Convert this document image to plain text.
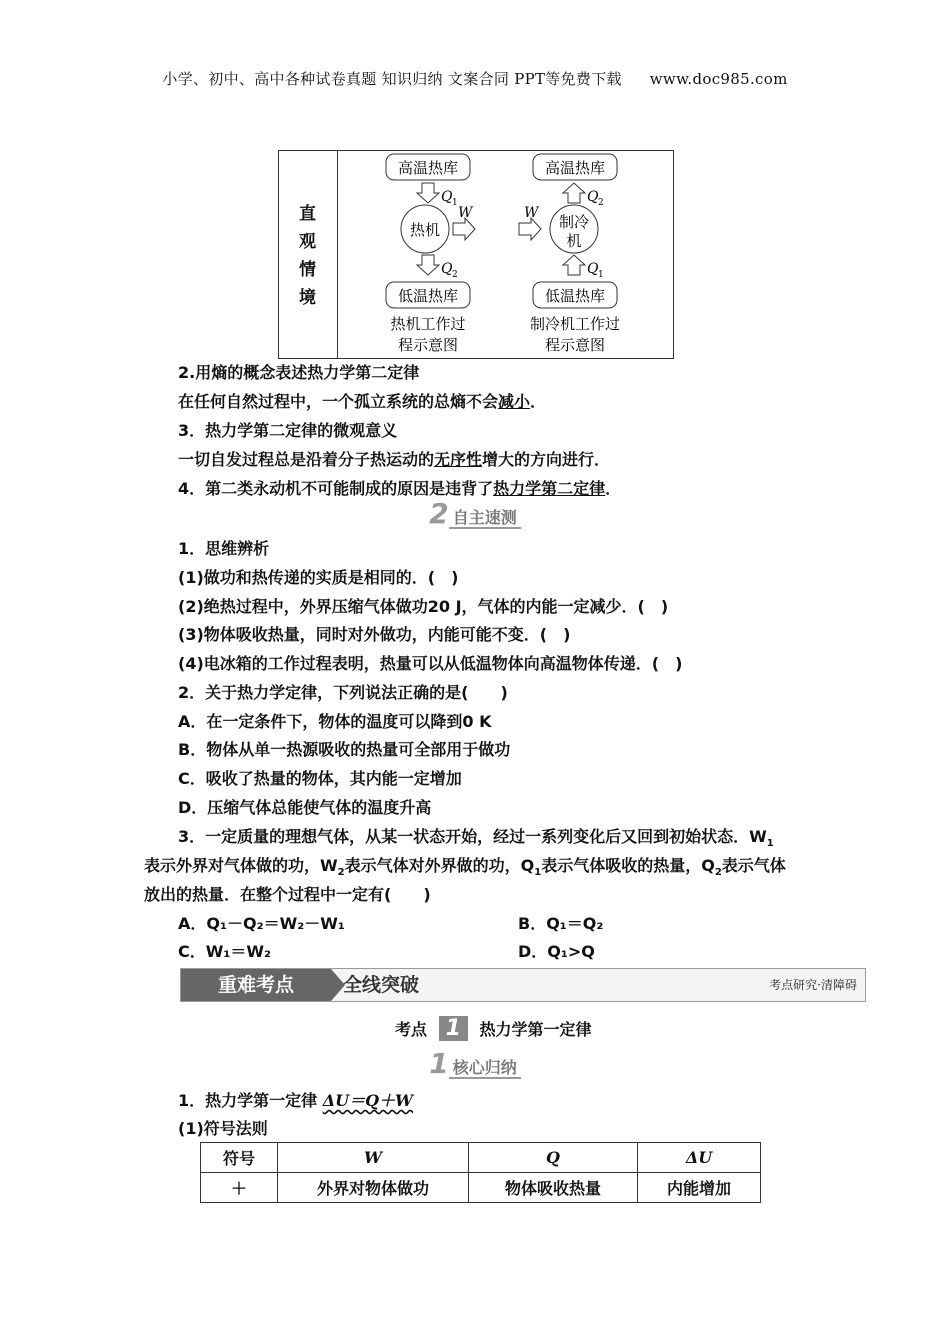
小学、初中、高中各种试卷真题 知识归纳 文案合同 PPT等免费下载 www.doc985.com
直
观
情
境
高温热库
Q 1
热机
W
Q 2
低温热库
热机工作过
程示意图
高温热库
Q 2
W 制冷
机
Q 1
低温热库
制冷机工作过
程示意图
2.用熵的概念表述热力学第二定律
在任何自然过程中，一个孤立系统的总熵不会减小．
3．热力学第二定律的微观意义
一切自发过程总是沿着分子热运动的无序性增大的方向进行．
4．第二类永动机不可能制成的原因是违背了热力学第二定律．
2 自主速测
1．思维辨析
(1)做功和热传递的实质是相同的．(　)
(2)绝热过程中，外界压缩气体做功20 J，气体的内能一定减少．(　)
(3)物体吸收热量，同时对外做功，内能可能不变．(　)
(4)电冰箱的工作过程表明，热量可以从低温物体向高温物体传递．(　)
2．关于热力学定律，下列说法正确的是(　　)
A．在一定条件下，物体的温度可以降到0 K
B．物体从单一热源吸收的热量可全部用于做功
C．吸收了热量的物体，其内能一定增加
D．压缩气体总能使气体的温度升高
3．一定质量的理想气体，从某一状态开始，经过一系列变化后又回到初始状态．$W_1$
表示外界对气体做的功，$W_2$表示气体对外界做的功，$Q_1$表示气体吸收的热量，$Q_2$表示气体
放出的热量．在整个过程中一定有(　　)
A．Q₁－Q₂＝W₂－W₁	B．Q₁＝Q₂
C．W₁＝W₂	D．Q₁>Q
重难考点	全线突破	考点研究·清障碍
考点 1 热力学第一定律
1 核心归纳
1．热力学第一定律 ΔU＝Q＋W
(1)符号法则
符号	W	Q	ΔU
＋	外界对物体做功	物体吸收热量	内能增加
